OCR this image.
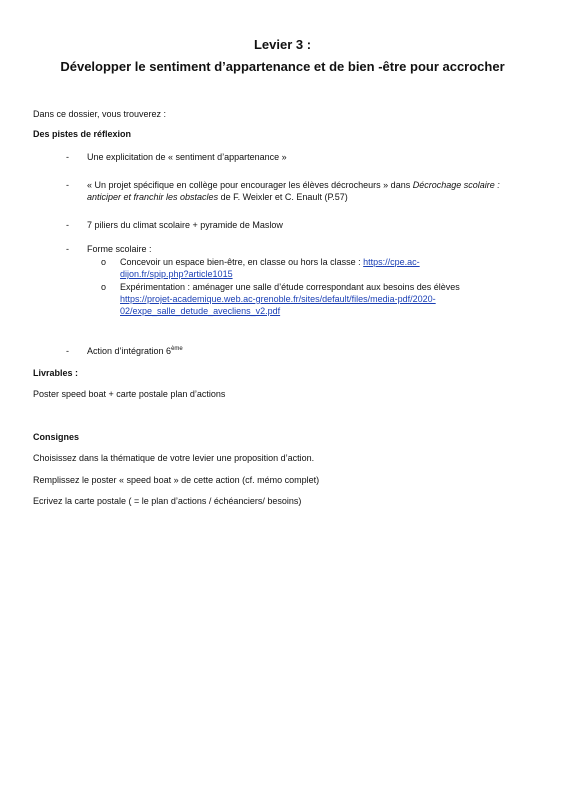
Levier 3 :
Développer le sentiment d’appartenance et de bien -être pour accrocher
Dans ce dossier, vous trouverez :
Des pistes de réflexion
- Une explicitation de « sentiment d’appartenance »
- « Un projet spécifique en collège pour encourager les élèves décrocheurs » dans Décrochage scolaire :
anticiper et franchir les obstacles de F. Weixler et C. Enault (P.57)
- 7 piliers du climat scolaire + pyramide de Maslow
- Forme scolaire :
o Concevoir un espace bien-être, en classe ou hors la classe : https://cpe.ac-
dijon.fr/spip.php?article1015
o Expérimentation : aménager une salle d’étude correspondant aux besoins des élèves
https://projet-academique.web.ac-grenoble.fr/sites/default/files/media-pdf/2020-
02/expe_salle_detude_avecliens_v2.pdf
- Action d’intégration 6ème
Livrables :
Poster speed boat + carte postale plan d’actions
Consignes
Choisissez dans la thématique de votre levier une proposition d’action.
Remplissez le poster « speed boat » de cette action (cf. mémo complet)
Ecrivez la carte postale ( = le plan d’actions / échéanciers/ besoins)
